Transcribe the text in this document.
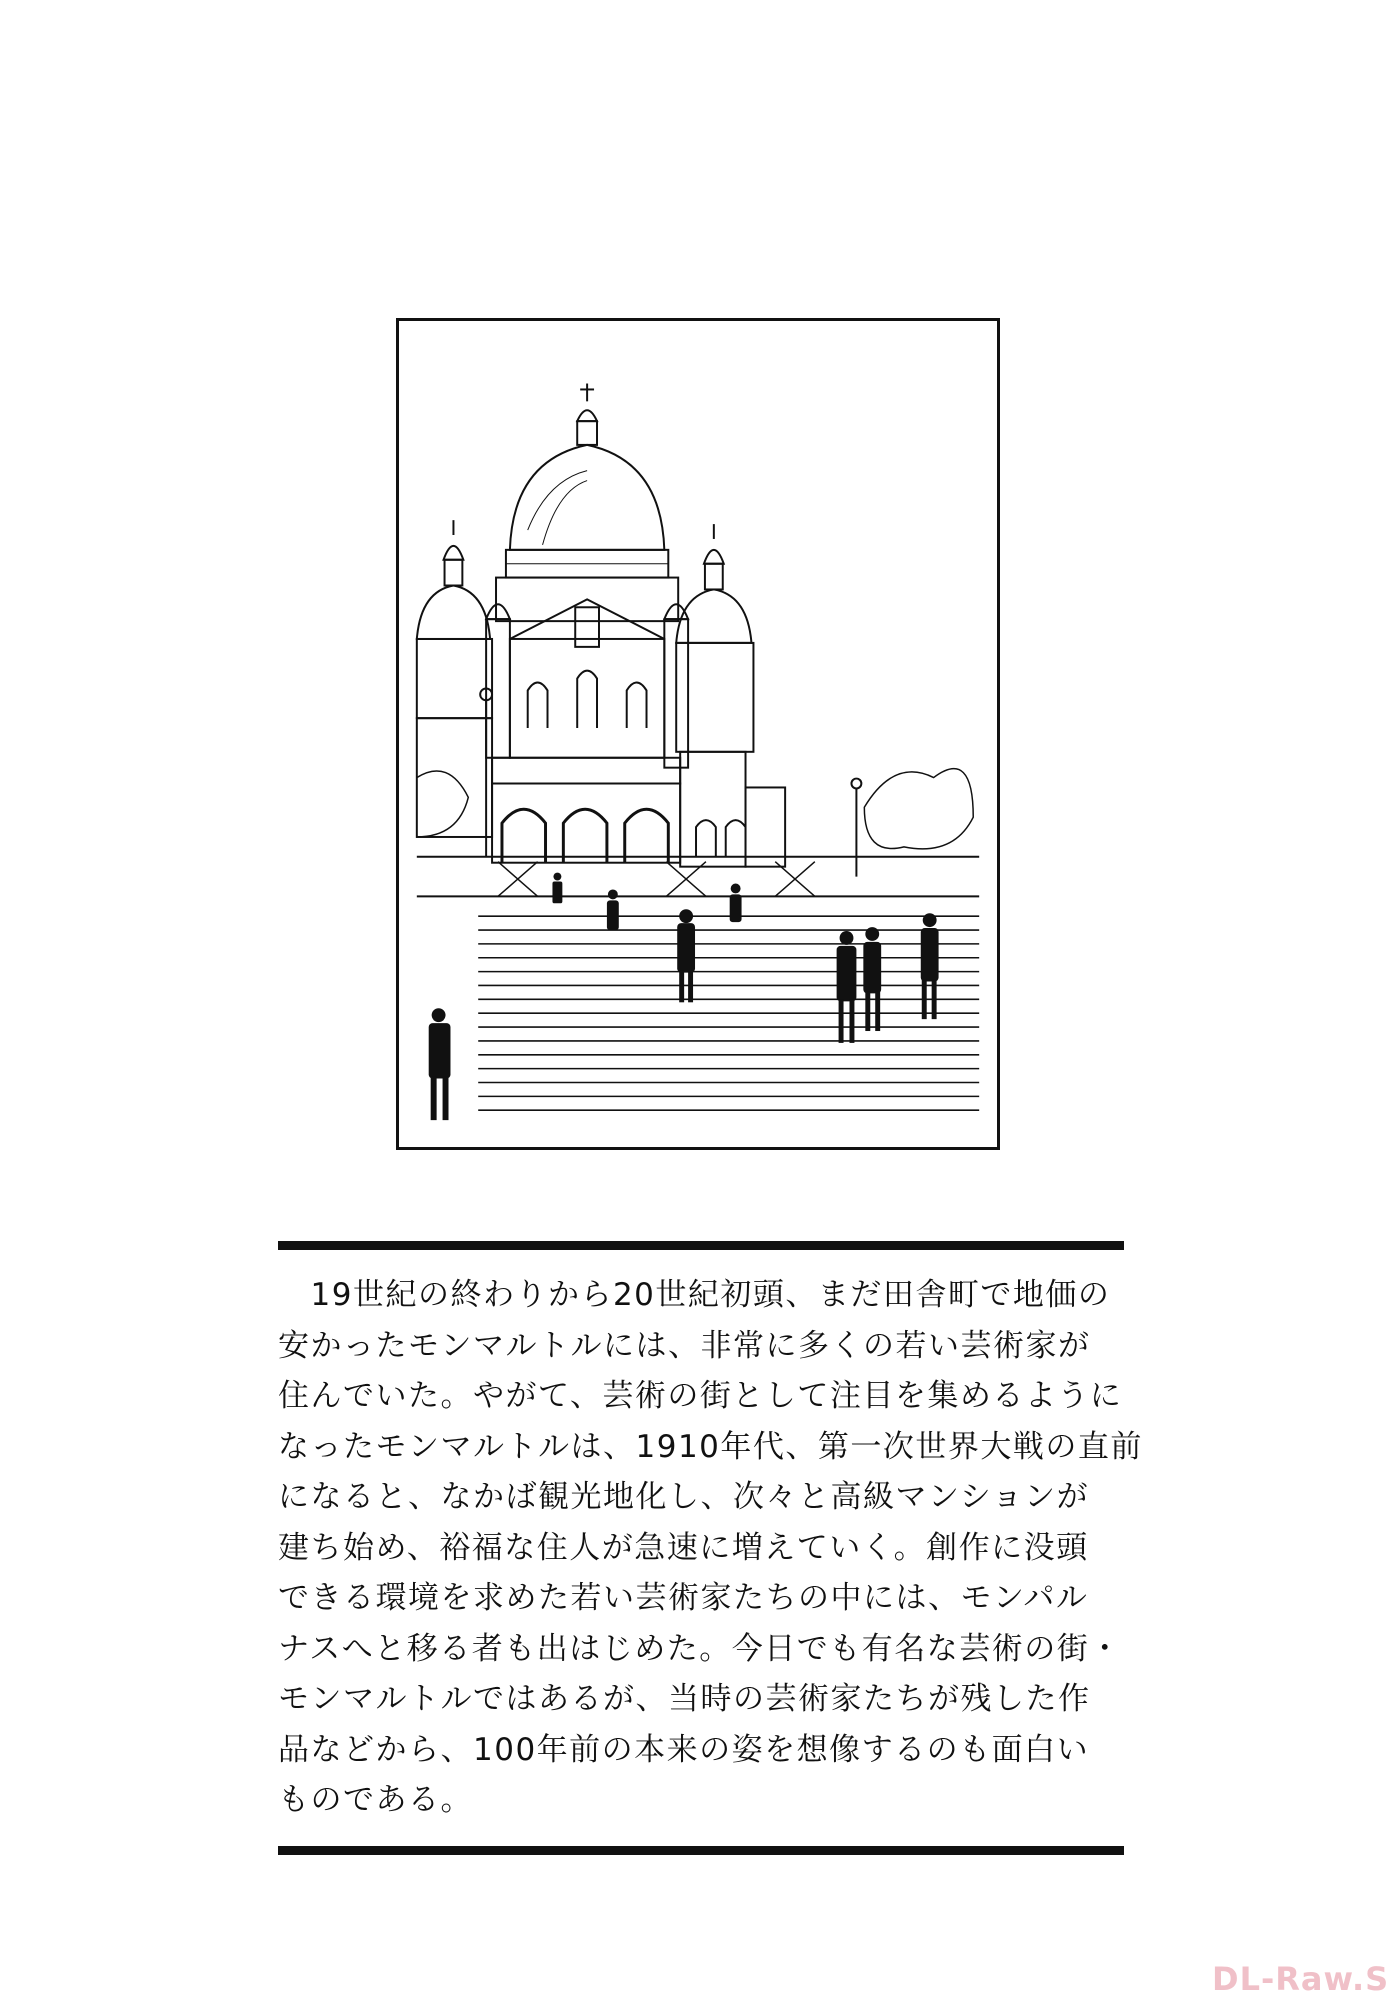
　19世紀の終わりから20世紀初頭、まだ田舎町で地価の
安かったモンマルトルには、非常に多くの若い芸術家が
住んでいた。やがて、芸術の街として注目を集めるように
なったモンマルトルは、1910年代、第一次世界大戦の直前
になると、なかば観光地化し、次々と高級マンションが
建ち始め、裕福な住人が急速に増えていく。創作に没頭
できる環境を求めた若い芸術家たちの中には、モンパル
ナスへと移る者も出はじめた。今日でも有名な芸術の街・
モンマルトルではあるが、当時の芸術家たちが残した作
品などから、100年前の本来の姿を想像するのも面白い
ものである。
DL-Raw.S
